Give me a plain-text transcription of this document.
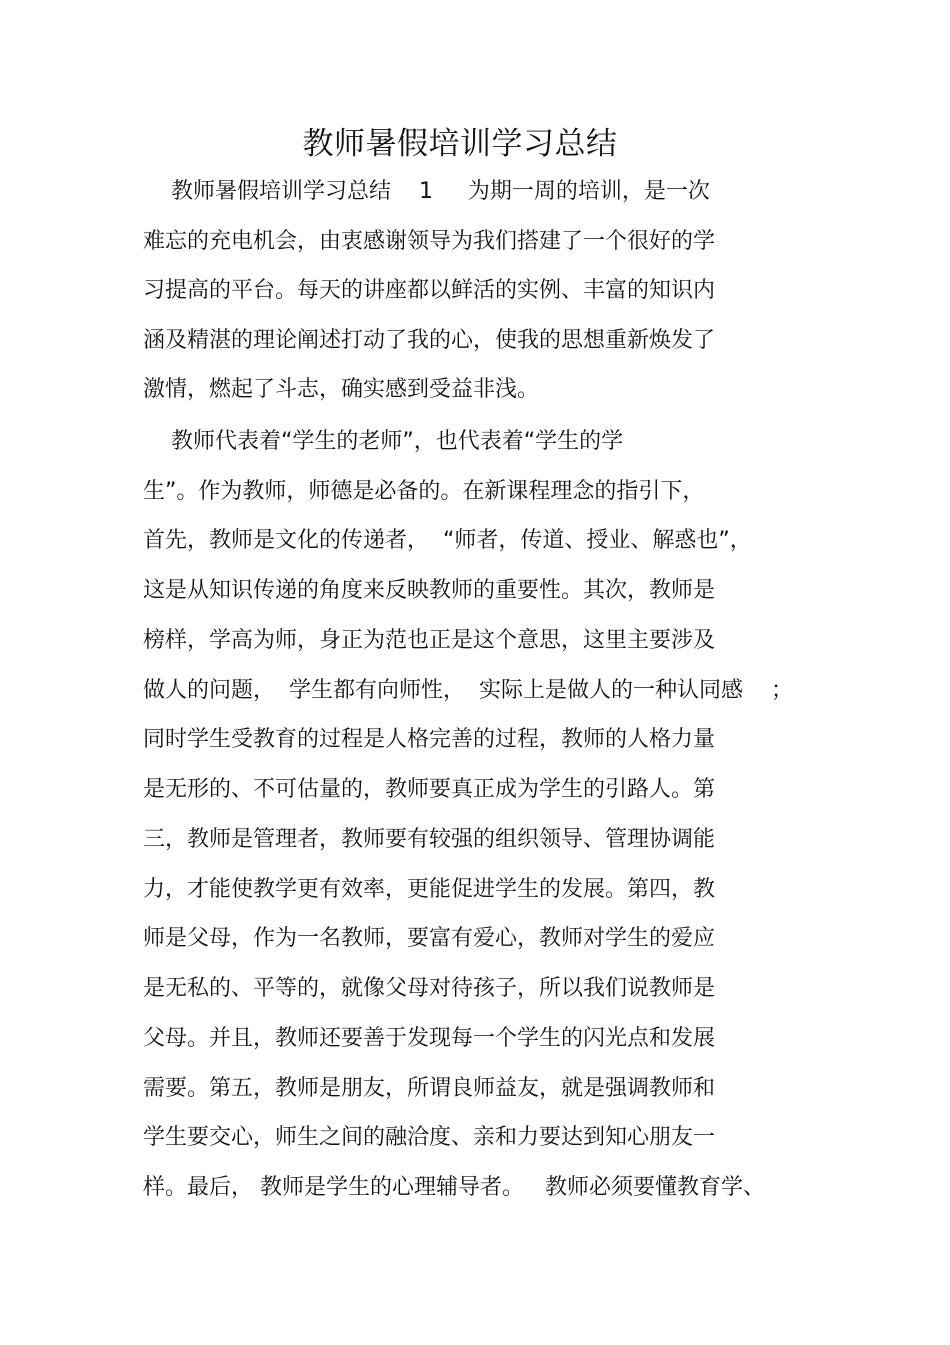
教师暑假培训学习总结
教师暑假培训学习总结    1     为期一周的培训，是一次
难忘的充电机会，由衷感谢领导为我们搭建了一个很好的学
习提高的平台。每天的讲座都以鲜活的实例、丰富的知识内
涵及精湛的理论阐述打动了我的心，使我的思想重新焕发了
激情，燃起了斗志，确实感到受益非浅。
教师代表着“学生的老师”，也代表着“学生的学
生”。作为教师，师德是必备的。在新课程理念的指引下，
首先，教师是文化的传递者，  “师者，传道、授业、解惑也”，
这是从知识传递的角度来反映教师的重要性。其次，教师是
榜样，学高为师，身正为范也正是这个意思，这里主要涉及
做人的问题，  学生都有向师性，  实际上是做人的一种认同感    ；
同时学生受教育的过程是人格完善的过程，教师的人格力量
是无形的、不可估量的，教师要真正成为学生的引路人。第
三，教师是管理者，教师要有较强的组织领导、管理协调能
力，才能使教学更有效率，更能促进学生的发展。第四，教
师是父母，作为一名教师，要富有爱心，教师对学生的爱应
是无私的、平等的，就像父母对待孩子，所以我们说教师是
父母。并且，教师还要善于发现每一个学生的闪光点和发展
需要。第五，教师是朋友，所谓良师益友，就是强调教师和
学生要交心，师生之间的融洽度、亲和力要达到知心朋友一
样。最后， 教师是学生的心理辅导者。   教师必须要懂教育学、
